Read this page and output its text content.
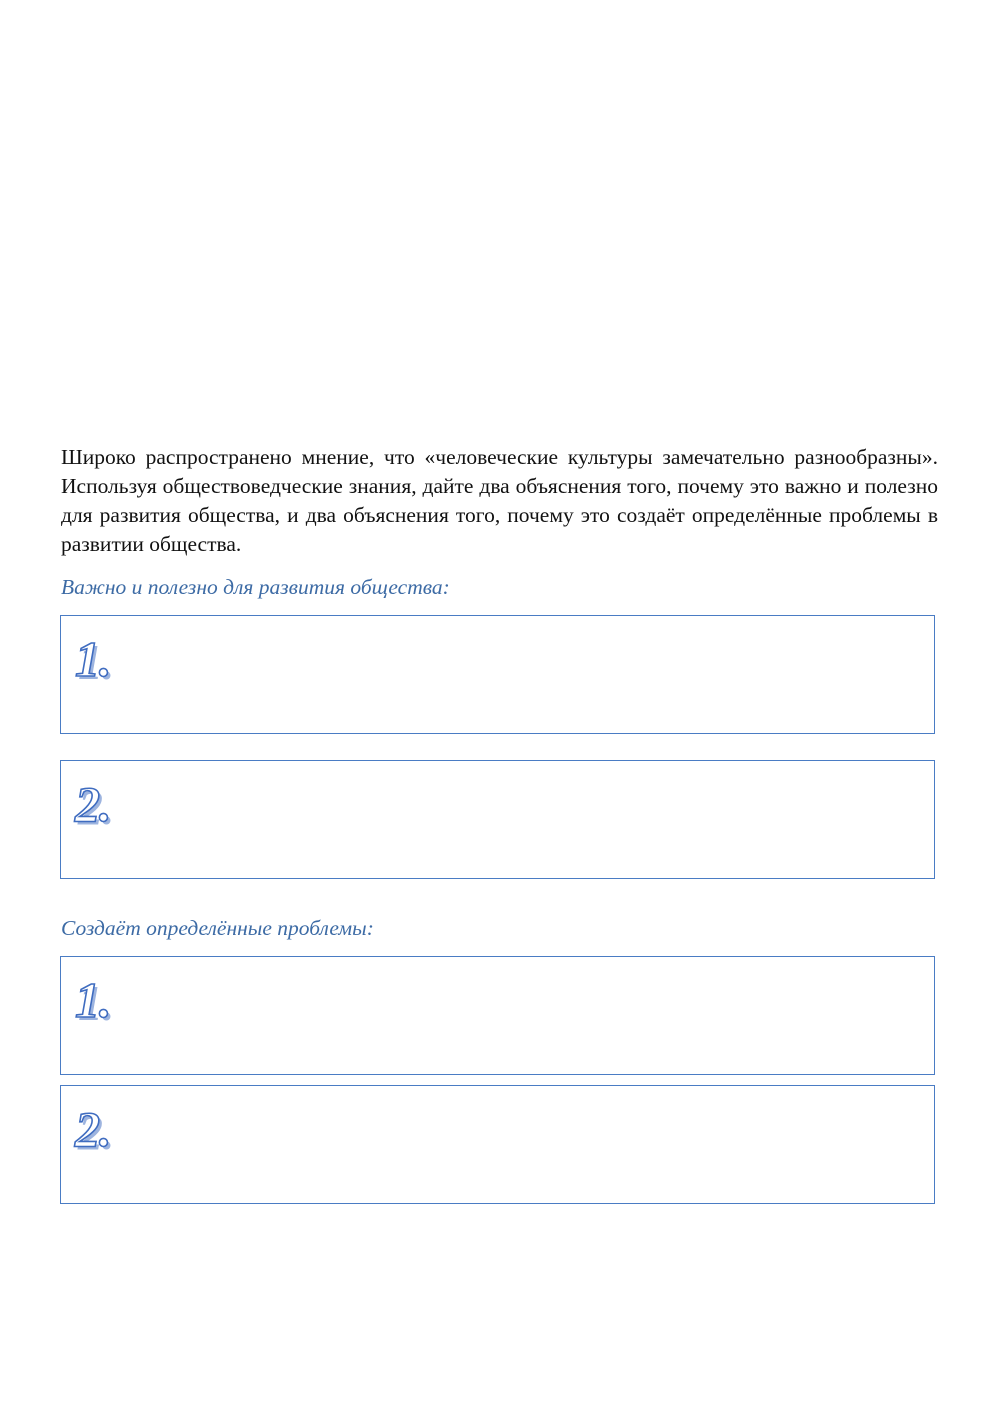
Широко распространено мнение, что «человеческие культуры замечательно разнообразны». Используя обществоведческие знания, дайте два объяснения того, почему это важно и полезно для развития общества, и два объяснения того, почему это создаёт определённые проблемы в развитии общества.

Важно и полезно для развития общества:

1.
2.

Создаёт определённые проблемы:

1.
2.
